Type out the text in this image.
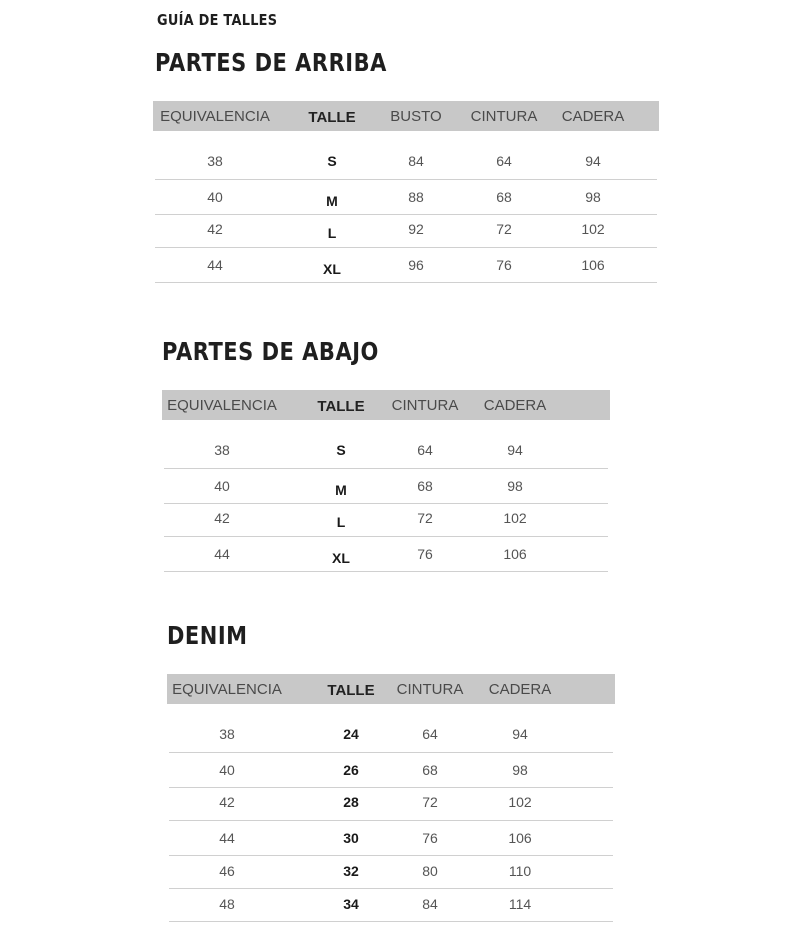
GUÍA DE TALLES
PARTES DE ARRIBA
EQUIVALENCIA	TALLE	BUSTO	CINTURA	CADERA
38	S	84	64	94
40	M	88	68	98
42	L	92	72	102
44	XL	96	76	106
PARTES DE ABAJO
EQUIVALENCIA	TALLE	CINTURA	CADERA
38	S	64	94
40	M	68	98
42	L	72	102
44	XL	76	106
DENIM
EQUIVALENCIA	TALLE	CINTURA	CADERA
38	24	64	94
40	26	68	98
42	28	72	102
44	30	76	106
46	32	80	110
48	34	84	114
